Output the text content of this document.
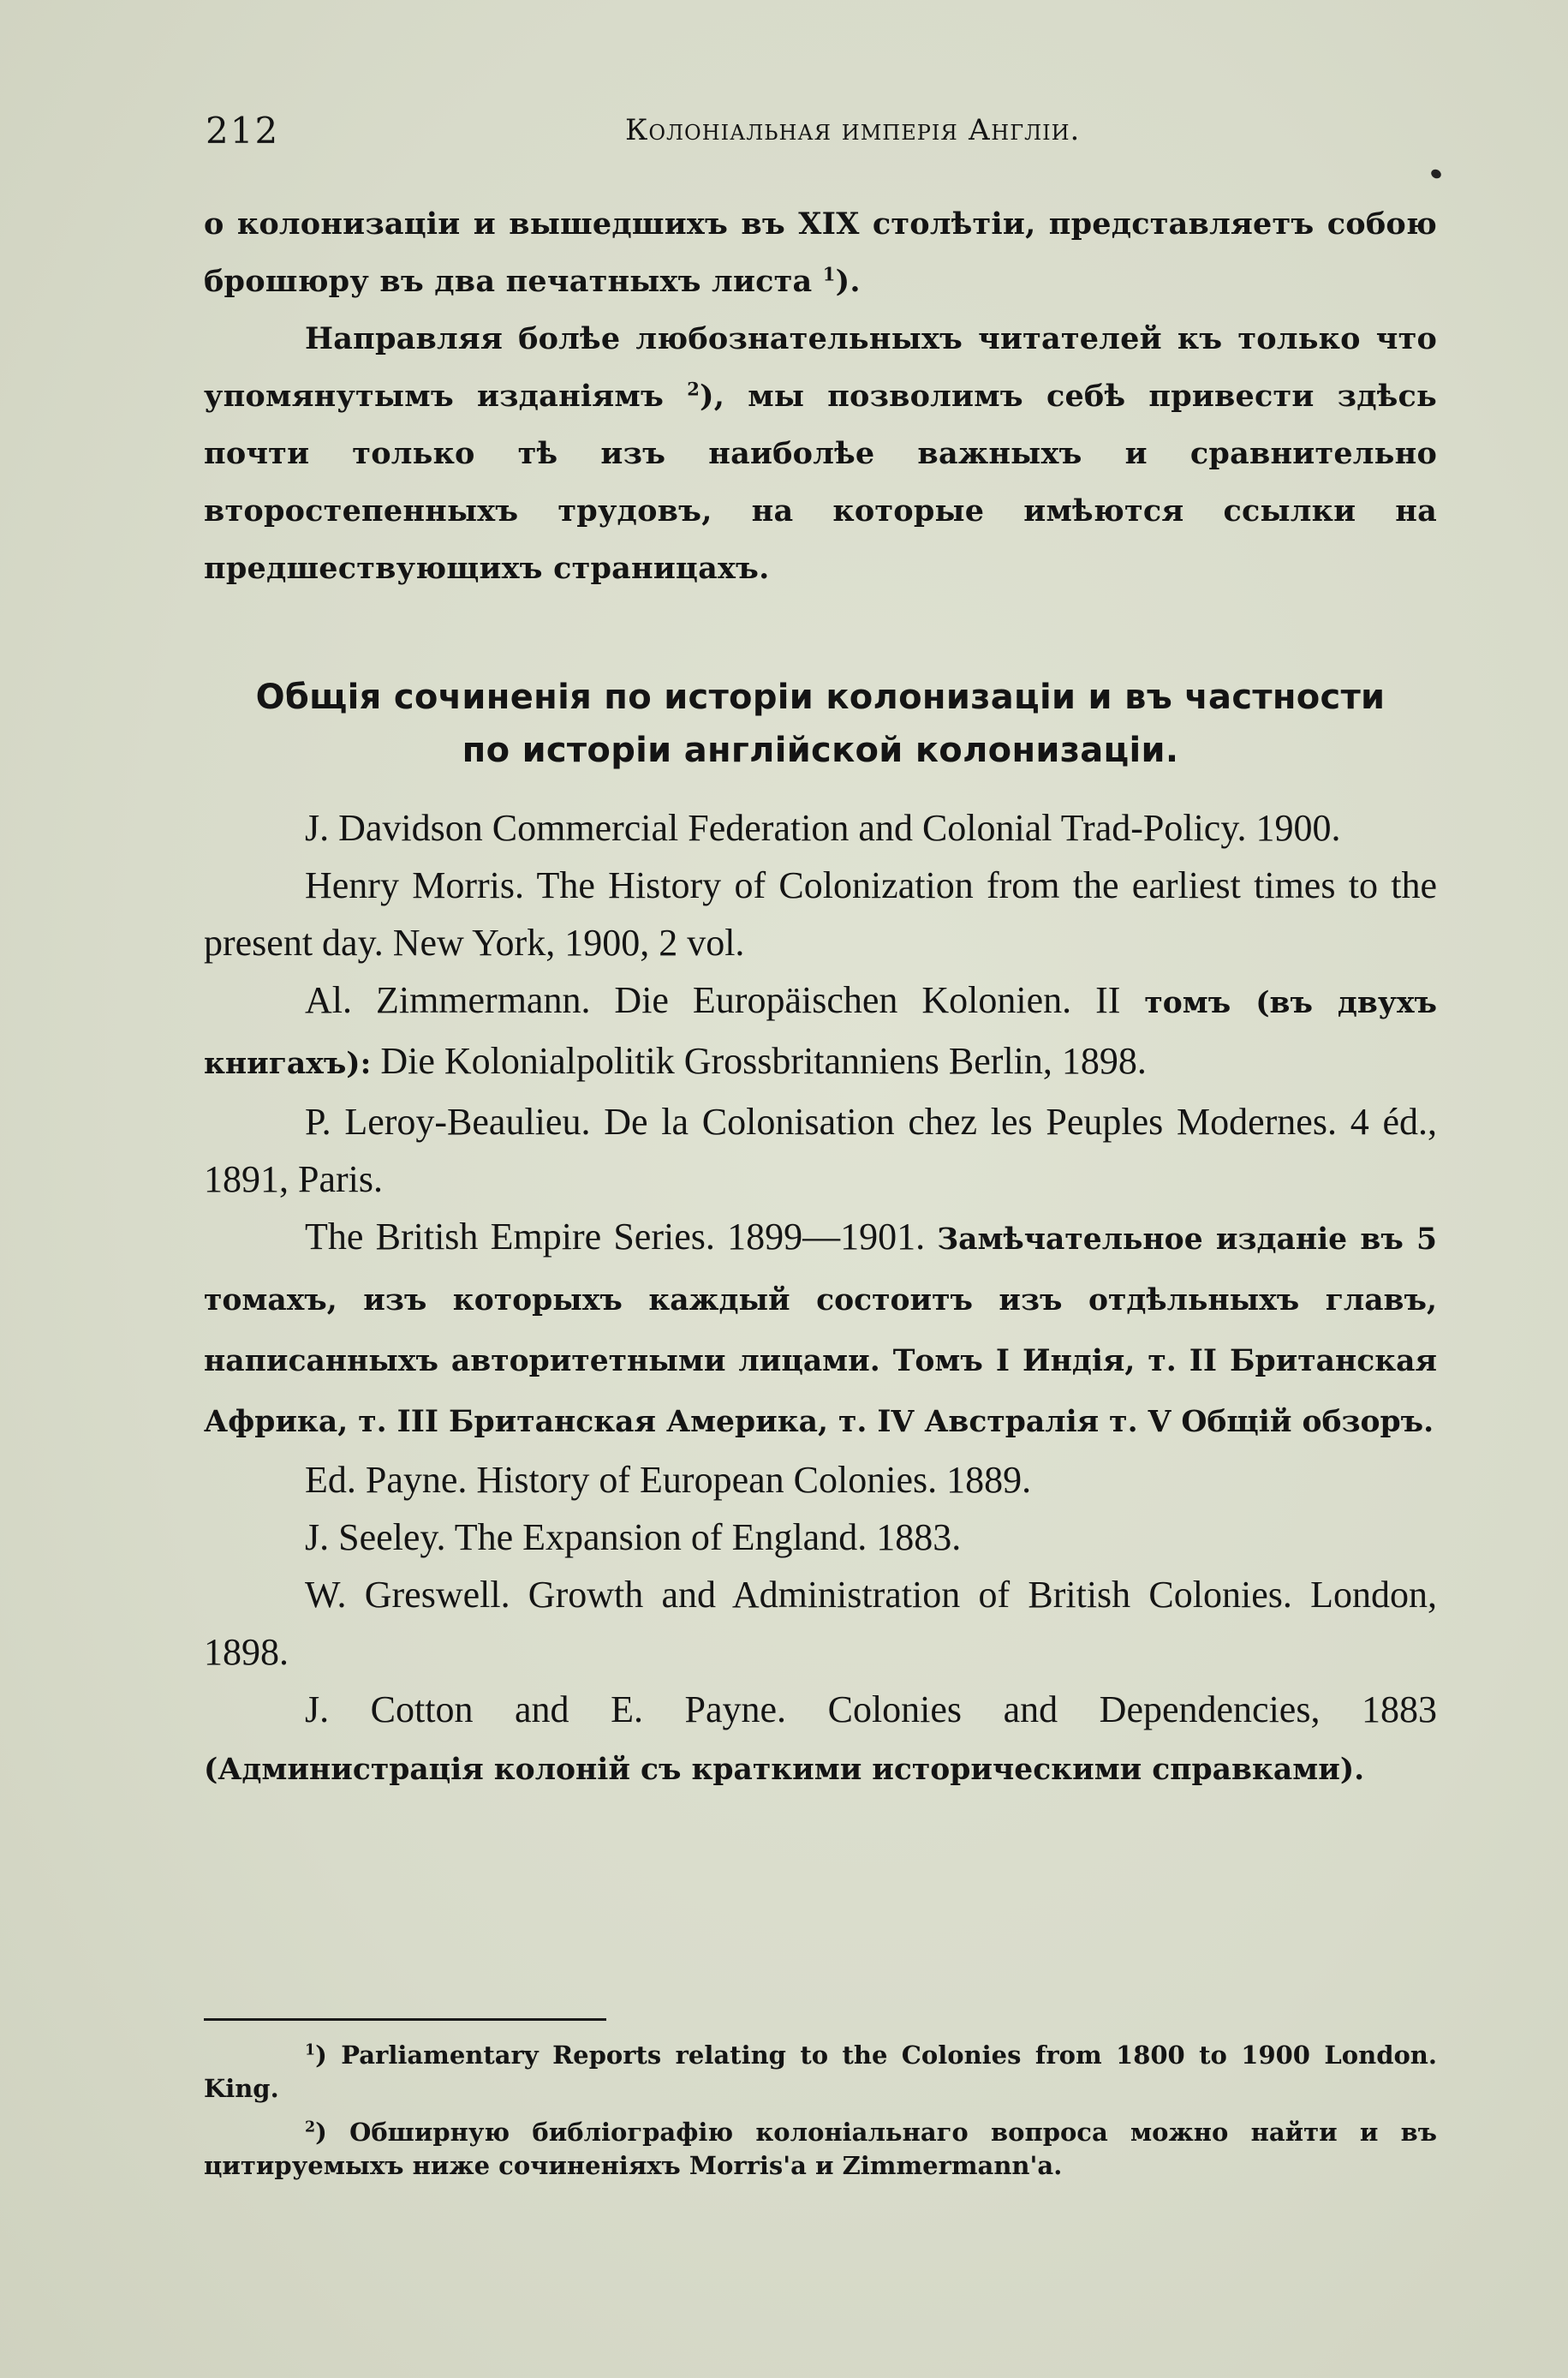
212	Колоніальная имперія Англіи.

о колонизаціи и вышедшихъ въ XIX столѣтіи, представляетъ собою брошюру въ два печатныхъ листа $^1$).

Направляя болѣе любознательныхъ читателей къ только что упомянутымъ изданіямъ $^2$), мы позволимъ себѣ привести здѣсь почти только тѣ изъ наиболѣе важныхъ и сравнительно второстепенныхъ трудовъ, на которые имѣются ссылки на предшествующихъ страницахъ.

Общія сочиненія по исторіи колонизаціи и въ частности
по исторіи англійской колонизаціи.

J. Davidson Commercial Federation and Colonial Trad-Policy. 1900.

Henry Morris. The History of Colonization from the earliest times to the present day. New York, 1900, 2 vol.

Al. Zimmermann. Die Europäischen Kolonien. II томъ (въ двухъ книгахъ): Die Kolonialpolitik Grossbritanniens Berlin, 1898.

P. Leroy-Beaulieu. De la Colonisation chez les Peuples Modernes. 4 éd., 1891, Paris.

The British Empire Series. 1899—1901. Замѣчательное изданіе въ 5 томахъ, изъ которыхъ каждый состоитъ изъ отдѣльныхъ главъ, написанныхъ авторитетными лицами. Томъ I Индія, т. II Британская Африка, т. III Британская Америка, т. IV Австралія т. V Общій обзоръ.

Ed. Payne. History of European Colonies. 1889.

J. Seeley. The Expansion of England. 1883.

W. Greswell. Growth and Administration of British Colonies. London, 1898.

J. Cotton and E. Payne. Colonies and Dependencies, 1883 (Администрація колоній съ краткими историческими справками).

$^1$) Parliamentary Reports relating to the Colonies from 1800 to 1900 London. King.

$^2$) Обширную библіографію колоніальнаго вопроса можно найти и въ цитируемыхъ ниже сочиненіяхъ Morris'а и Zimmermann'а.
